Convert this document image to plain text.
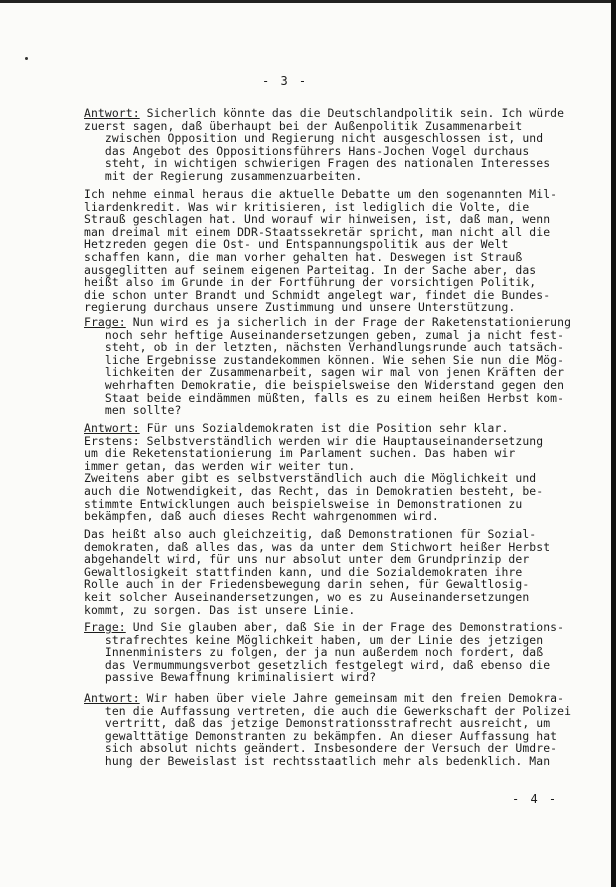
- 3 -
Antwort: Sicherlich könnte das die Deutschlandpolitik sein. Ich würde
zuerst sagen, daß überhaupt bei der Außenpolitik Zusammenarbeit
zwischen Opposition und Regierung nicht ausgeschlossen ist, und
das Angebot des Oppositionsführers Hans-Jochen Vogel durchaus
steht, in wichtigen schwierigen Fragen des nationalen Interesses
mit der Regierung zusammenzuarbeiten.
Ich nehme einmal heraus die aktuelle Debatte um den sogenannten Mil-
liardenkredit. Was wir kritisieren, ist lediglich die Volte, die
Strauß geschlagen hat. Und worauf wir hinweisen, ist, daß man, wenn
man dreimal mit einem DDR-Staatssekretär spricht, man nicht all die
Hetzreden gegen die Ost- und Entspannungspolitik aus der Welt
schaffen kann, die man vorher gehalten hat. Deswegen ist Strauß
ausgeglitten auf seinem eigenen Parteitag. In der Sache aber, das
heißt also im Grunde in der Fortführung der vorsichtigen Politik,
die schon unter Brandt und Schmidt angelegt war, findet die Bundes-
regierung durchaus unsere Zustimmung und unsere Unterstützung.
Frage: Nun wird es ja sicherlich in der Frage der Raketenstationierung
noch sehr heftige Auseinandersetzungen geben, zumal ja nicht fest-
steht, ob in der letzten, nächsten Verhandlungsrunde auch tatsäch-
liche Ergebnisse zustandekommen können. Wie sehen Sie nun die Mög-
lichkeiten der Zusammenarbeit, sagen wir mal von jenen Kräften der
wehrhaften Demokratie, die beispielsweise den Widerstand gegen den
Staat beide eindämmen müßten, falls es zu einem heißen Herbst kom-
men sollte?
Antwort: Für uns Sozialdemokraten ist die Position sehr klar.
Erstens: Selbstverständlich werden wir die Hauptauseinandersetzung
um die Reketenstationierung im Parlament suchen. Das haben wir
immer getan, das werden wir weiter tun.
Zweitens aber gibt es selbstverständlich auch die Möglichkeit und
auch die Notwendigkeit, das Recht, das in Demokratien besteht, be-
stimmte Entwicklungen auch beispielsweise in Demonstrationen zu
bekämpfen, daß auch dieses Recht wahrgenommen wird.
Das heißt also auch gleichzeitig, daß Demonstrationen für Sozial-
demokraten, daß alles das, was da unter dem Stichwort heißer Herbst
abgehandelt wird, für uns nur absolut unter dem Grundprinzip der
Gewaltlosigkeit stattfinden kann, und die Sozialdemokraten ihre
Rolle auch in der Friedensbewegung darin sehen, für Gewaltlosig-
keit solcher Auseinandersetzungen, wo es zu Auseinandersetzungen
kommt, zu sorgen. Das ist unsere Linie.
Frage: Und Sie glauben aber, daß Sie in der Frage des Demonstrations-
strafrechtes keine Möglichkeit haben, um der Linie des jetzigen
Innenministers zu folgen, der ja nun außerdem noch fordert, daß
das Vermummungsverbot gesetzlich festgelegt wird, daß ebenso die
passive Bewaffnung kriminalisiert wird?
Antwort: Wir haben über viele Jahre gemeinsam mit den freien Demokra-
ten die Auffassung vertreten, die auch die Gewerkschaft der Polizei
vertritt, daß das jetzige Demonstrationsstrafrecht ausreicht, um
gewalttätige Demonstranten zu bekämpfen. An dieser Auffassung hat
sich absolut nichts geändert. Insbesondere der Versuch der Umdre-
hung der Beweislast ist rechtsstaatlich mehr als bedenklich. Man
- 4 -
